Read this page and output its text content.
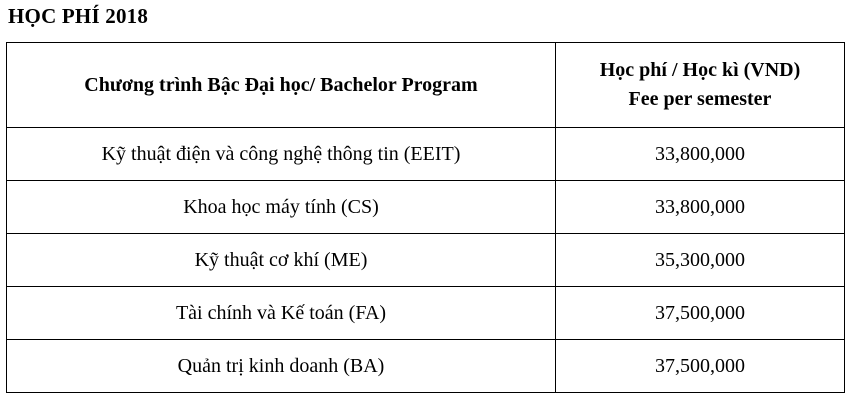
HỌC PHÍ 2018
Chương trình Bậc Đại học/ Bachelor Program	Học phí / Học kì (VND)
Fee per semester

Kỹ thuật điện và công nghệ thông tin (EEIT)	33,800,000
Khoa học máy tính (CS)	33,800,000
Kỹ thuật cơ khí (ME)	35,300,000
Tài chính và Kế toán (FA)	37,500,000
Quản trị kinh doanh (BA)	37,500,000
